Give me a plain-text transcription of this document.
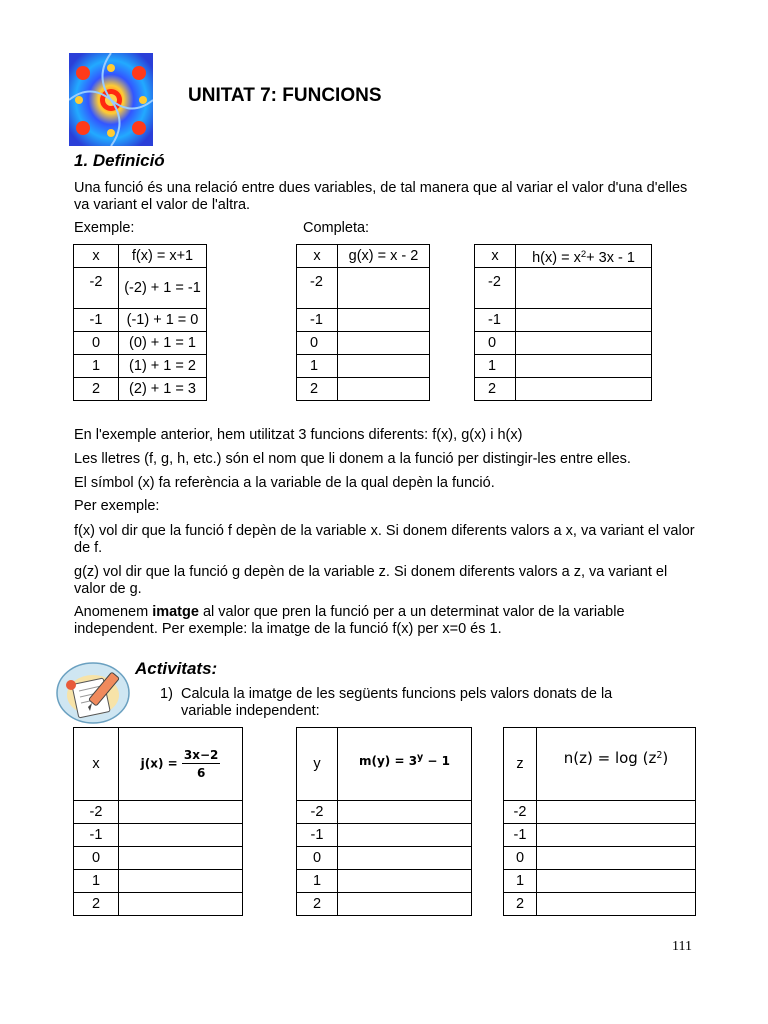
UNITAT 7: FUNCIONS
1. Definició

Una funció és una relació entre dues variables, de tal manera que al variar el valor d'una d'elles va variant el valor de l'altra.

Exemple:	Completa:
x	f(x) = x+1
-2	(-2) + 1 = -1
-1	(-1) + 1 = 0
0	(0) + 1 = 1
1	(1) + 1 = 2
2	(2) + 1 = 3
x	g(x) = x - 2
-2	
-1	
0	
1	
2	
x	$h(x) = x^2+ 3x - 1$
-2	
-1	
0	
1	
2	

En l'exemple anterior, hem utilitzat 3 funcions diferents: f(x), g(x) i h(x)

Les lletres (f, g, h, etc.) són el nom que li donem a la funció per distingir-les entre elles.

El símbol (x) fa referència a la variable de la qual depèn la funció.

Per exemple:

f(x) vol dir que la funció f depèn de la variable x. Si donem diferents valors a x, va variant el valor de f.

g(z) vol dir que la funció g depèn de la variable z. Si donem diferents valors a z, va variant el valor de g.

Anomenem imatge al valor que pren la funció per a un determinat valor de la variable independent. Per exemple: la imatge de la funció f(x) per x=0 és 1.

Activitats:
1) Calcula la imatge de les següents funcions pels valors donats de la variable independent:
x	$j(x) = \frac{3x-2}{6}$

-2	
-1	
0	
1	
2	
y	$m(y) = 3^y - 1$
-2	
-1	
0	
1	
2	
z	$n(z) = \log (z^2)$
-2	
-1	
0	
1	
2	
111
